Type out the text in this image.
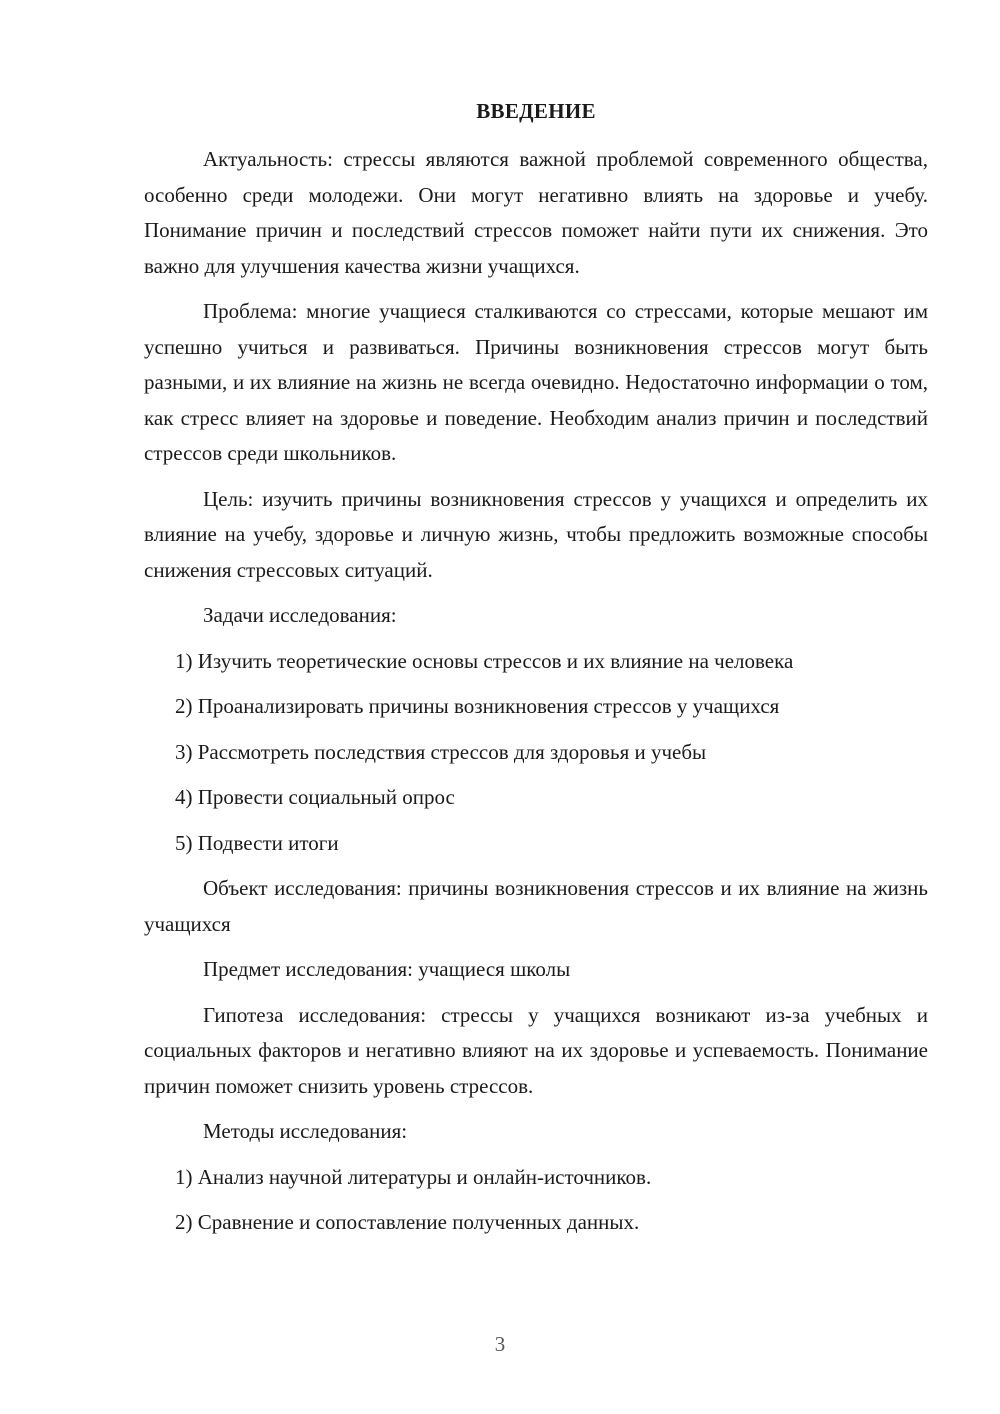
ВВЕДЕНИЕ

Актуальность: стрессы являются важной проблемой современного общества, особенно среди молодежи. Они могут негативно влиять на здоровье и учебу. Понимание причин и последствий стрессов поможет найти пути их снижения. Это важно для улучшения качества жизни учащихся.

Проблема: многие учащиеся сталкиваются со стрессами, которые мешают им успешно учиться и развиваться. Причины возникновения стрессов могут быть разными, и их влияние на жизнь не всегда очевидно. Недостаточно информации о том, как стресс влияет на здоровье и поведение. Необходим анализ причин и последствий стрессов среди школьников.

Цель: изучить причины возникновения стрессов у учащихся и определить их влияние на учебу, здоровье и личную жизнь, чтобы предложить возможные способы снижения стрессовых ситуаций.

Задачи исследования:

1) Изучить теоретические основы стрессов и их влияние на человека

2) Проанализировать причины возникновения стрессов у учащихся

3) Рассмотреть последствия стрессов для здоровья и учебы

4) Провести социальный опрос

5) Подвести итоги

Объект исследования: причины возникновения стрессов и их влияние на жизнь учащихся

Предмет исследования: учащиеся школы

Гипотеза исследования: стрессы у учащихся возникают из-за учебных и социальных факторов и негативно влияют на их здоровье и успеваемость. Понимание причин поможет снизить уровень стрессов.

Методы исследования:

1) Анализ научной литературы и онлайн-источников.

2) Сравнение и сопоставление полученных данных.

3
